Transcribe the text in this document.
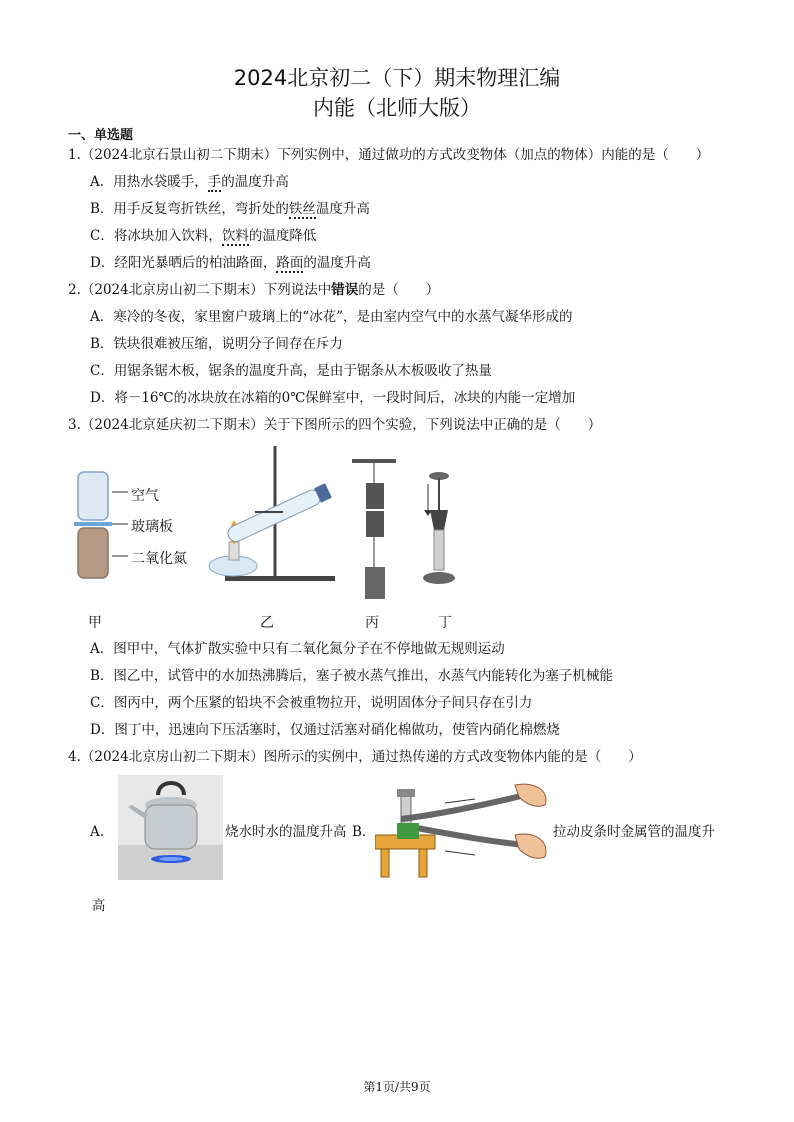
2024北京初二（下）期末物理汇编
内能（北师大版）
一、单选题
1.（2024北京石景山初二下期末）下列实例中，通过做功的方式改变物体（加点的物体）内能的是（　　）
A．用热水袋暖手，手的温度升高
B．用手反复弯折铁丝，弯折处的铁丝温度升高
C．将冰块加入饮料，饮料的温度降低
D．经阳光暴晒后的柏油路面，路面的温度升高
2.（2024北京房山初二下期末）下列说法中错误的是（　　）
A．寒冷的冬夜，家里窗户玻璃上的“冰花”，是由室内空气中的水蒸气凝华形成的
B．铁块很难被压缩，说明分子间存在斥力
C．用锯条锯木板，锯条的温度升高，是由于锯条从木板吸收了热量
D．将－16℃的冰块放在冰箱的0℃保鲜室中，一段时间后，冰块的内能一定增加
3.（2024北京延庆初二下期末）关于下图所示的四个实验，下列说法中正确的是（　　）
空气
玻璃板
二氧化氮
甲	乙	丙	丁
A．图甲中，气体扩散实验中只有二氧化氮分子在不停地做无规则运动
B．图乙中，试管中的水加热沸腾后，塞子被水蒸气推出，水蒸气内能转化为塞子机械能
C．图丙中，两个压紧的铅块不会被重物拉开，说明固体分子间只存在引力
D．图丁中，迅速向下压活塞时，仅通过活塞对硝化棉做功，使管内硝化棉燃烧
4.（2024北京房山初二下期末）图所示的实例中，通过热传递的方式改变物体内能的是（　　）
A．	烧水时水的温度升高 B．	拉动皮条时金属管的温度升
高
第1页/共9页
